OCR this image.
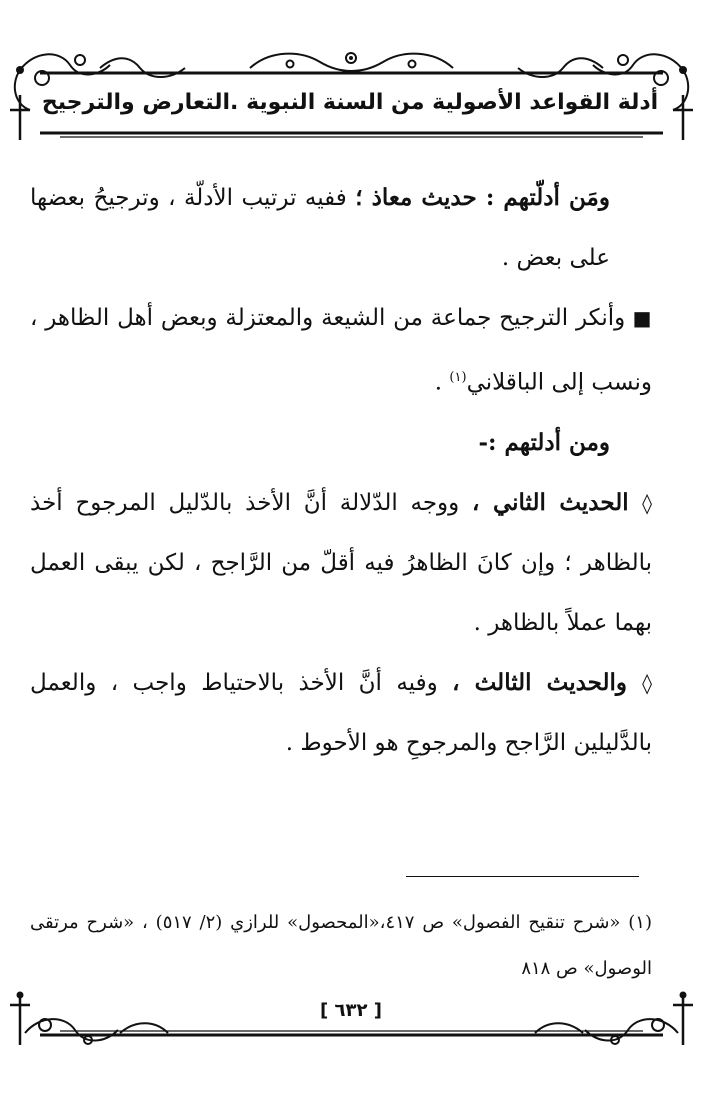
أدلة القواعد الأصولية من السنة النبوية .التعارض والترجيح

ومَن أدلّتهم : حديث معاذ ؛ ففيه ترتيب الأدلّة ، وترجيحُ بعضها على بعض .

■ وأنكر الترجيح جماعة من الشيعة والمعتزلة وبعض أهل الظاهر ، ونسب إلى الباقلاني$^{(١)}$ .

ومن أدلتهم :-

◊ الحديث الثاني ، ووجه الدّلالة أنَّ الأخذ بالدّليل المرجوح أخذ بالظاهر ؛ وإن كانَ الظاهرُ فيه أقلّ من الرَّاجح ، لكن يبقى العمل بهما عملاً بالظاهر .

◊ والحديث الثالث ، وفيه أنَّ الأخذ بالاحتياط واجب ، والعمل بالدَّليلين الرَّاجح والمرجوحِ هو الأحوط .

(١) «شرح تنقيح الفصول» ص ٤١٧،«المحصول» للرازي (٢/ ٥١٧) ، «شرح مرتقى الوصول» ص ٨١٨

[ ٦٣٢ ]
